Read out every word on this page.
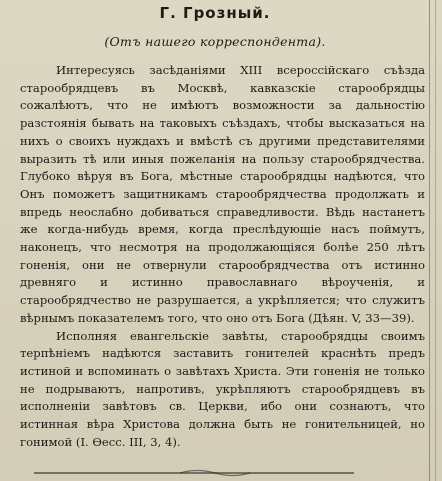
Г. Грозный.
(Отъ нашего корреспондента).

Интересуясь засѣданіями XIII всероссійскаго съѣзда старообрядцевъ въ Москвѣ, кавказскіе старообрядцы сожалѣютъ, что не имѣютъ возможности за дальностію разстоянія бывать на таковыхъ съѣздахъ, чтобы высказаться на нихъ о своихъ нуждахъ и вмѣстѣ съ другими представителями выразить тѣ или иныя пожеланія на пользу старообрядчества. Глубоко вѣруя въ Бога, мѣстные старообрядцы надѣются, что Онъ поможетъ защитникамъ старообрядчества продолжать и впредь неослабно добиваться справедливости. Вѣдь настанетъ же когда-нибудь время, когда преслѣдующіе насъ поймутъ, наконецъ, что несмотря на продолжающіяся болѣе 250 лѣтъ гоненія, они не отвернули старообрядчества отъ истинно древняго и истинно православнаго вѣроученія, и старообрядчество не разрушается, а укрѣпляется; что служитъ вѣрнымъ показателемъ того, что оно отъ Бога (Дѣян. V, 33—39).

Исполняя евангельскіе завѣты, старообрядцы своимъ терпѣніемъ надѣются заставить гонителей краснѣть предъ истиной и вспоминать о завѣтахъ Христа. Эти гоненія не только не подрываютъ, напротивъ, укрѣпляютъ старообрядцевъ въ исполненіи завѣтовъ св. Церкви, ибо они сознаютъ, что истинная вѣра Христова должна быть не гонительницей, но гонимой (I. Ѳесс. III, 3, 4).
